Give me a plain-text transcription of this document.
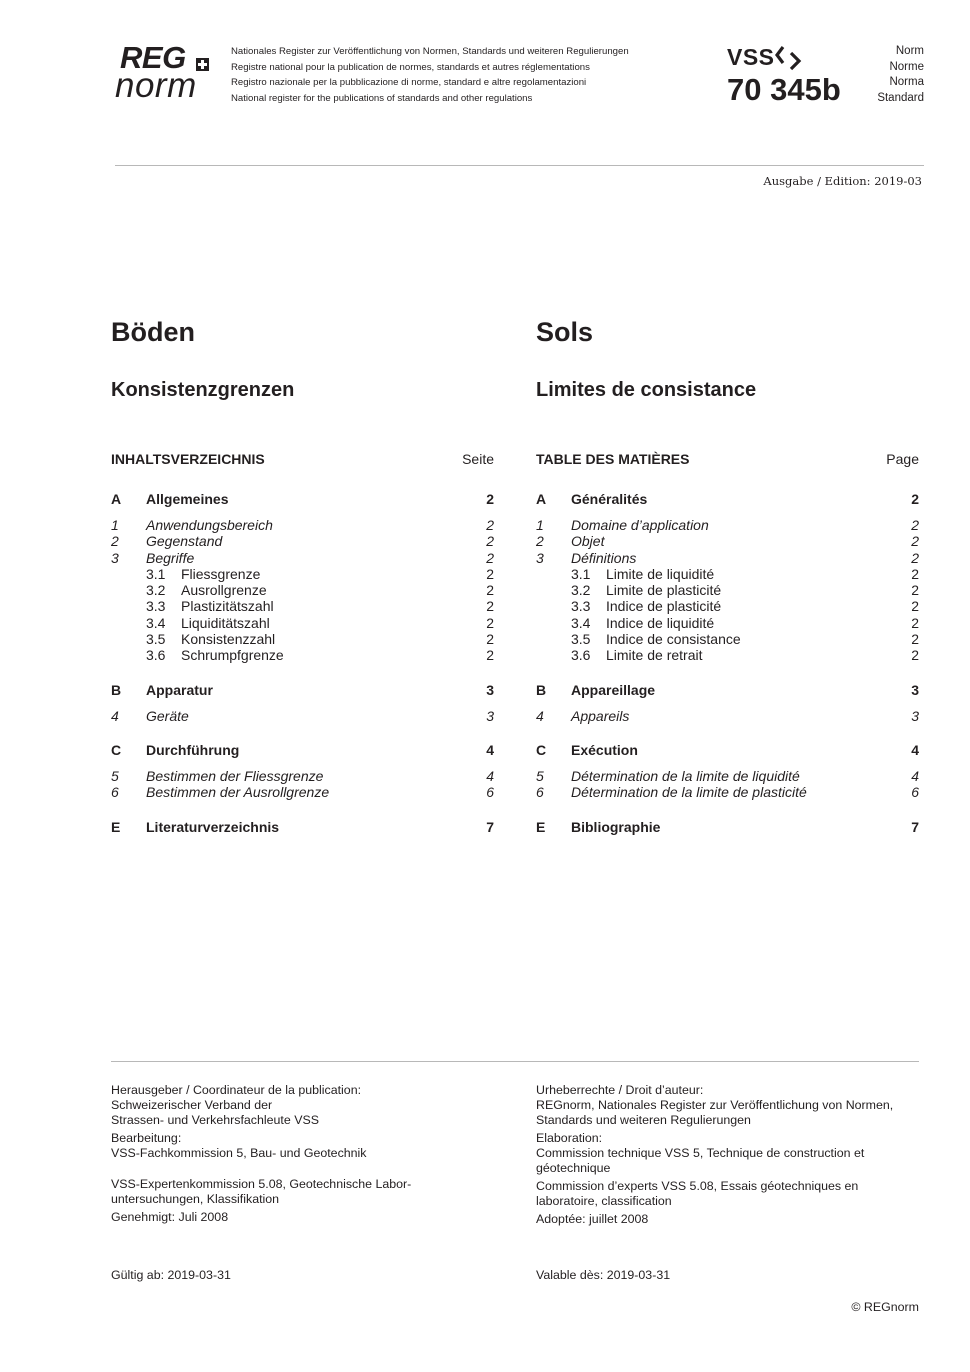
REG
norm
Nationales Register zur Veröffentlichung von Normen, Standards und weiteren Regulierungen
Registre national pour la publication de normes, standards et autres réglementations
Registro nazionale per la pubblicazione di norme, standard e altre regolamentazioni
National register for the publications of standards and other regulations
VSS
70 345b
Norm
Norme
Norma
Standard
Ausgabe / Edition: 2019-03
Böden
Konsistenzgrenzen
INHALTSVERZEICHNIS	Seite
A	Allgemeines	2
1	Anwendungsbereich	2
2	Gegenstand	2
3	Begriffe	2
3.1	Fliessgrenze	2
3.2	Ausrollgrenze	2
3.3	Plastizitätszahl	2
3.4	Liquiditätszahl	2
3.5	Konsistenzzahl	2
3.6	Schrumpfgrenze	2
B	Apparatur	3
4	Geräte	3
C	Durchführung	4
5	Bestimmen der Fliessgrenze	4
6	Bestimmen der Ausrollgrenze	6
E	Literaturverzeichnis	7
Sols
Limites de consistance
TABLE DES MATIÈRES	Page
A	Généralités	2
1	Domaine d’application	2
2	Objet	2
3	Définitions	2
3.1	Limite de liquidité	2
3.2	Limite de plasticité	2
3.3	Indice de plasticité	2
3.4	Indice de liquidité	2
3.5	Indice de consistance	2
3.6	Limite de retrait	2
B	Appareillage	3
4	Appareils	3
C	Exécution	4
5	Détermination de la limite de liquidité	4
6	Détermination de la limite de plasticité	6
E	Bibliographie	7

Herausgeber / Coordinateur de la publication:
Schweizerischer Verband der
Strassen- und Verkehrsfachleute VSS

Bearbeitung:
VSS-Fachkommission 5, Bau- und Geotechnik

VSS-Expertenkommission 5.08, Geotechnische Labor-
untersuchungen, Klassifikation

Genehmigt: Juli 2008

Urheberrechte / Droit d’auteur:
REGnorm, Nationales Register zur Veröffentlichung von Normen,
Standards und weiteren Regulierungen

Elaboration:
Commission technique VSS 5, Technique de construction et
géotechnique

Commission d’experts VSS 5.08, Essais géotechniques en
laboratoire, classification

Adoptée: juillet 2008

Gültig ab: 2019-03-31	Valable dès: 2019-03-31
© REGnorm
